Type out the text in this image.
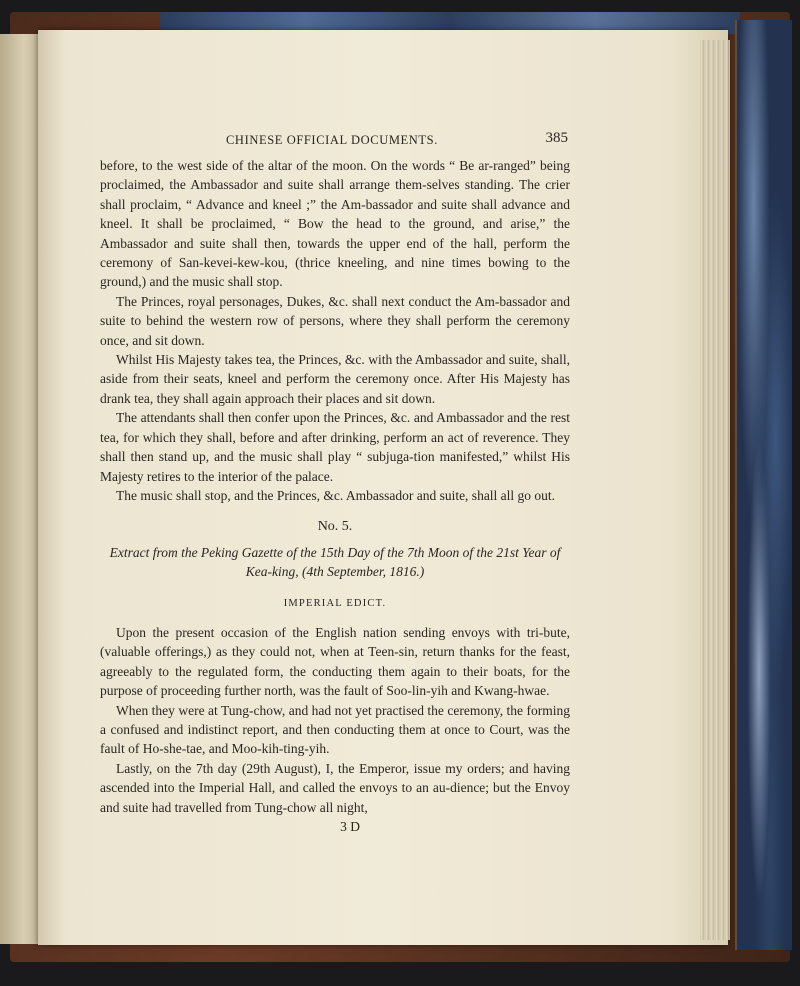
CHINESE OFFICIAL DOCUMENTS.	385

before, to the west side of the altar of the moon. On the words “ Be ar-ranged” being proclaimed, the Ambassador and suite shall arrange them-selves standing. The crier shall proclaim, “ Advance and kneel ;” the Am-bassador and suite shall advance and kneel. It shall be proclaimed, “ Bow the head to the ground, and arise,” the Ambassador and suite shall then, towards the upper end of the hall, perform the ceremony of San-kevei-kew-kou, (thrice kneeling, and nine times bowing to the ground,) and the music shall stop.

The Princes, royal personages, Dukes, &c. shall next conduct the Am-bassador and suite to behind the western row of persons, where they shall perform the ceremony once, and sit down.

Whilst His Majesty takes tea, the Princes, &c. with the Ambassador and suite, shall, aside from their seats, kneel and perform the ceremony once. After His Majesty has drank tea, they shall again approach their places and sit down.

The attendants shall then confer upon the Princes, &c. and Ambassador and the rest tea, for which they shall, before and after drinking, perform an act of reverence. They shall then stand up, and the music shall play “ subjuga-tion manifested,” whilst His Majesty retires to the interior of the palace.

The music shall stop, and the Princes, &c. Ambassador and suite, shall all go out.

No. 5.

Extract from the Peking Gazette of the 15th Day of the 7th Moon of the 21st Year of Kea-king, (4th September, 1816.)

IMPERIAL EDICT.

Upon the present occasion of the English nation sending envoys with tri-bute, (valuable offerings,) as they could not, when at Teen-sin, return thanks for the feast, agreeably to the regulated form, the conducting them again to their boats, for the purpose of proceeding further north, was the fault of Soo-lin-yih and Kwang-hwae.

When they were at Tung-chow, and had not yet practised the ceremony, the forming a confused and indistinct report, and then conducting them at once to Court, was the fault of Ho-she-tae, and Moo-kih-ting-yih.

Lastly, on the 7th day (29th August), I, the Emperor, issue my orders; and having ascended into the Imperial Hall, and called the envoys to an au-dience; but the Envoy and suite had travelled from Tung-chow all night,

3 D
